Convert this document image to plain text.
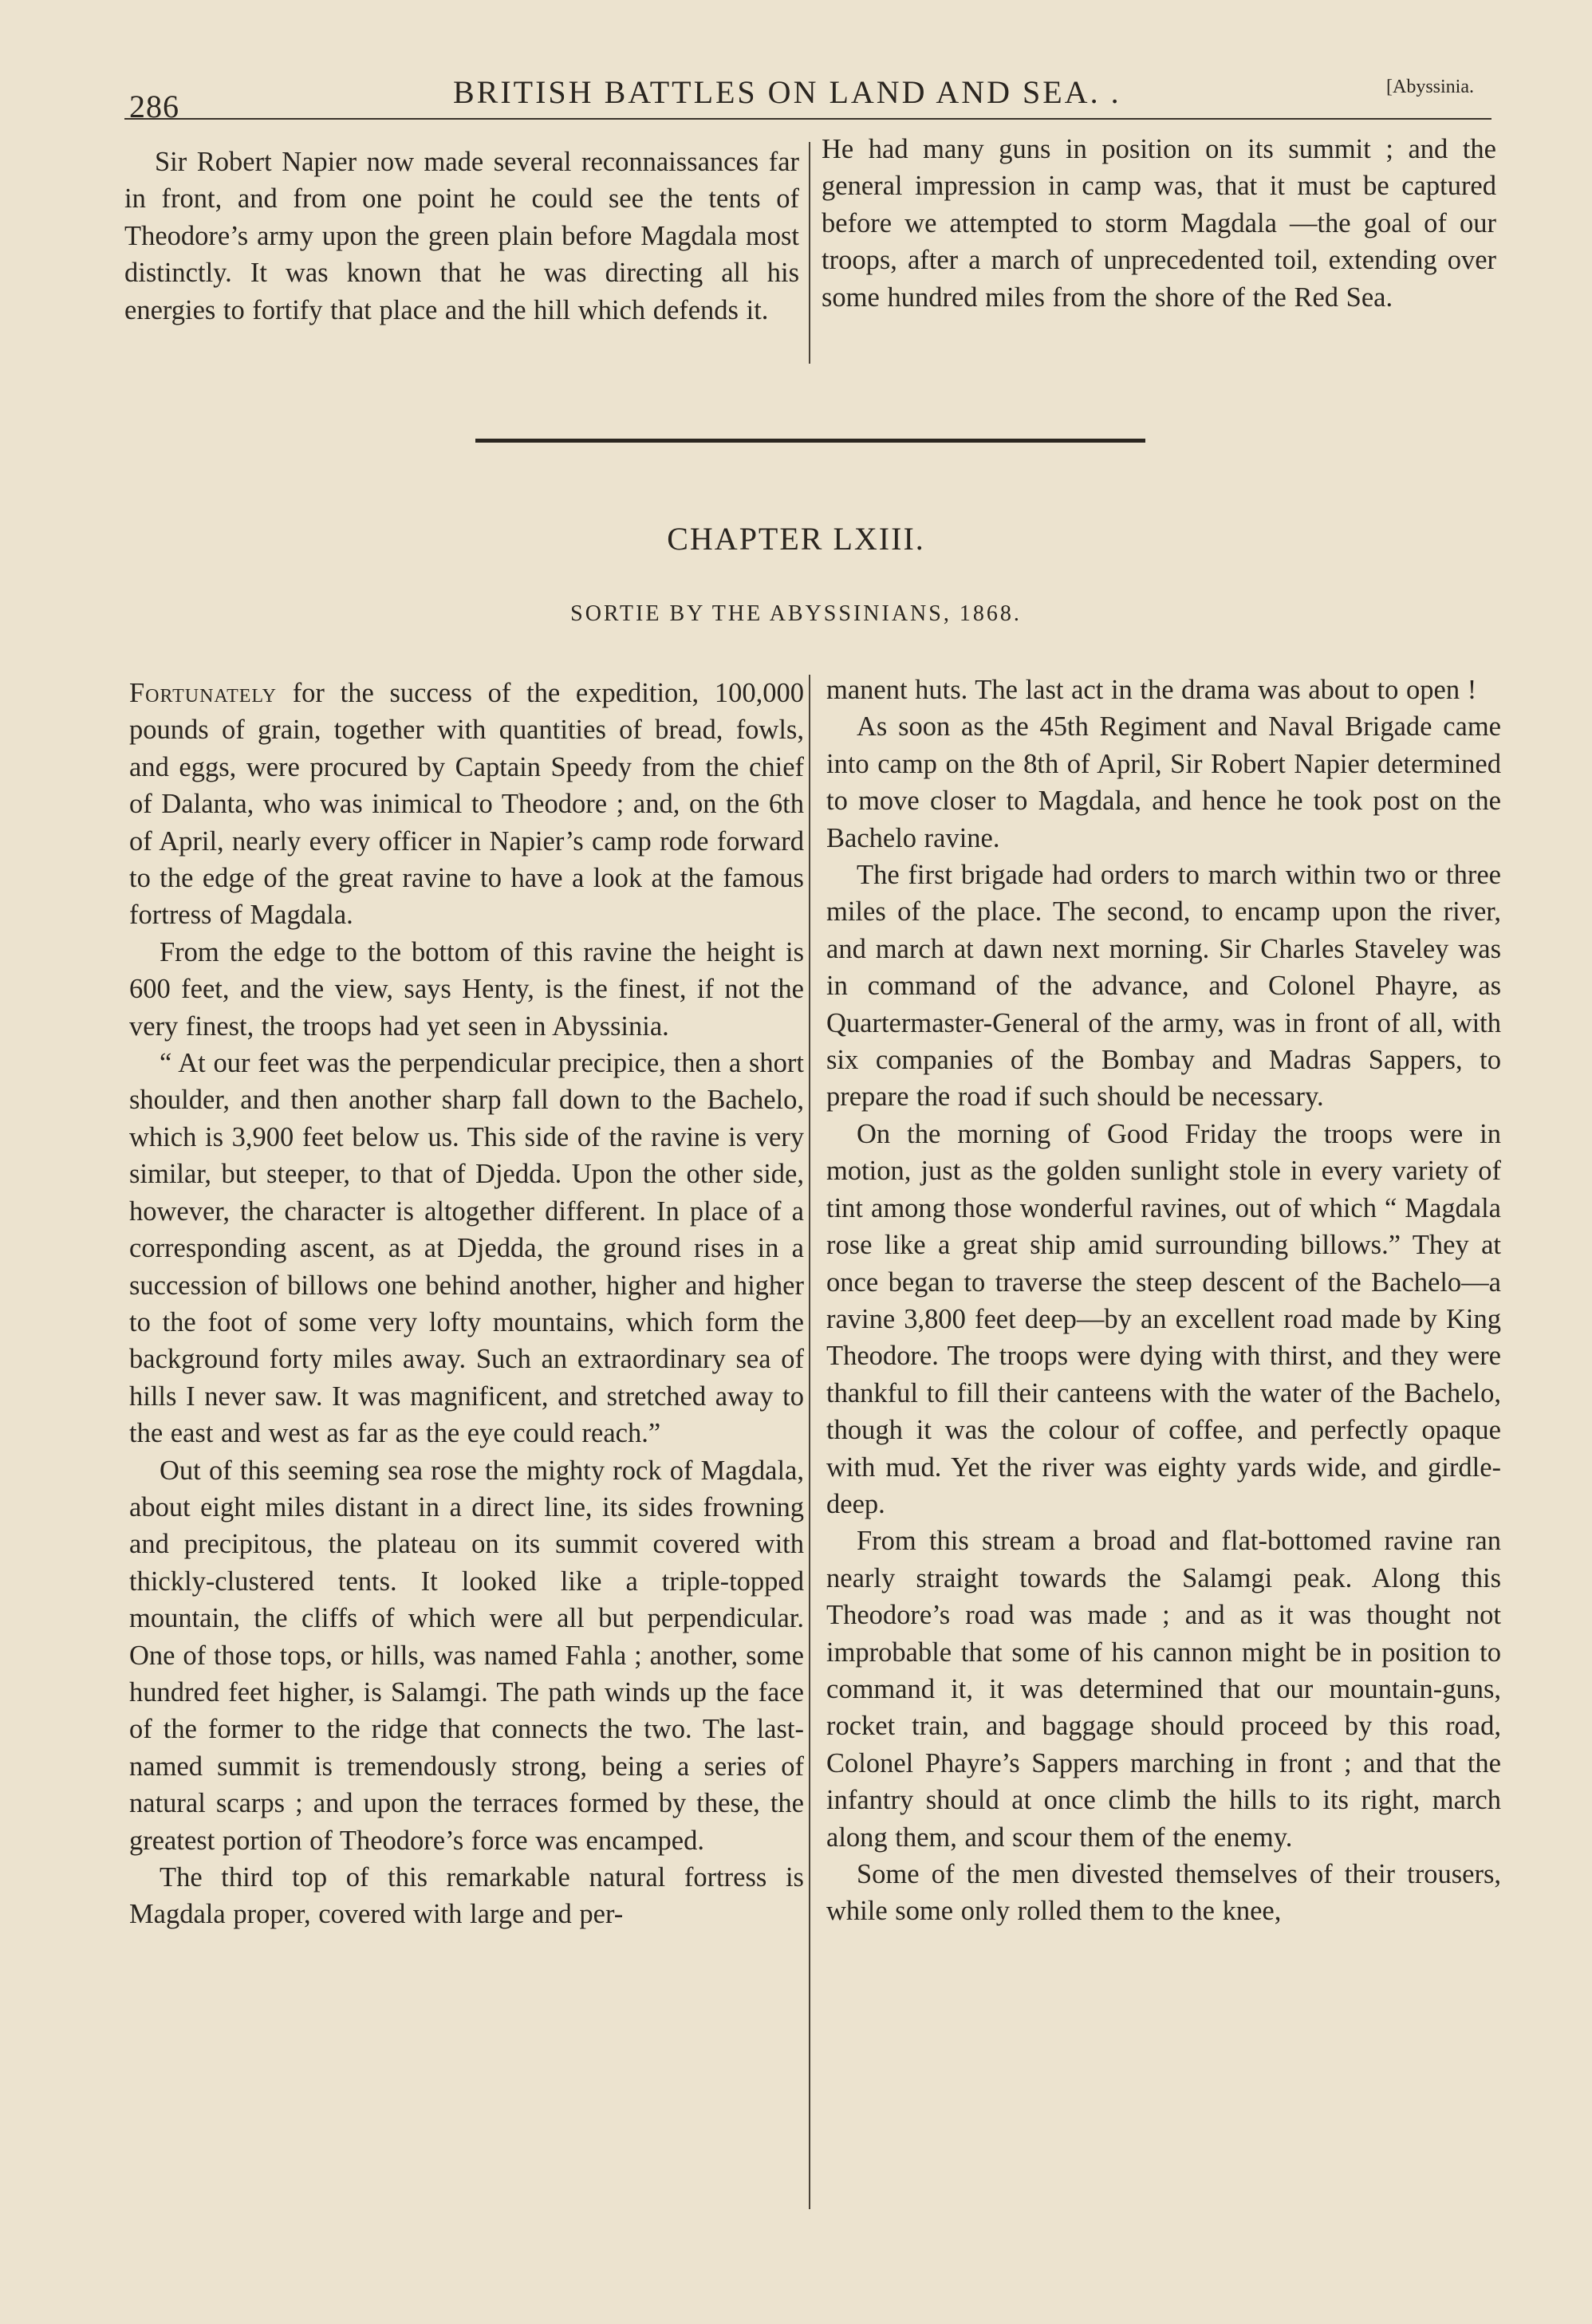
286	BRITISH BATTLES ON LAND AND SEA. .	[Abyssinia.

Sir Robert Napier now made several reconnaissances far in front, and from one point he could see the tents of Theodore’s army upon the green plain before Magdala most distinctly. It was known that he was directing all his energies to fortify that place and the hill which defends it.

He had many guns in position on its summit ; and the general impression in camp was, that it must be captured before we attempted to storm Magdala —the goal of our troops, after a march of unprecedented toil, extending over some hundred miles from the shore of the Red Sea.

CHAPTER LXIII.
SORTIE BY THE ABYSSINIANS, 1868.

Fortunately for the success of the expedition, 100,000 pounds of grain, together with quantities of bread, fowls, and eggs, were procured by Captain Speedy from the chief of Dalanta, who was inimical to Theodore ; and, on the 6th of April, nearly every officer in Napier’s camp rode forward to the edge of the great ravine to have a look at the famous fortress of Magdala.

From the edge to the bottom of this ravine the height is 600 feet, and the view, says Henty, is the finest, if not the very finest, the troops had yet seen in Abyssinia.

“ At our feet was the perpendicular precipice, then a short shoulder, and then another sharp fall down to the Bachelo, which is 3,900 feet below us. This side of the ravine is very similar, but steeper, to that of Djedda. Upon the other side, however, the character is altogether different. In place of a corresponding ascent, as at Djedda, the ground rises in a succession of billows one behind another, higher and higher to the foot of some very lofty mountains, which form the background forty miles away. Such an extraordinary sea of hills I never saw. It was magnificent, and stretched away to the east and west as far as the eye could reach.”

Out of this seeming sea rose the mighty rock of Magdala, about eight miles distant in a direct line, its sides frowning and precipitous, the plateau on its summit covered with thickly-clustered tents. It looked like a triple-topped mountain, the cliffs of which were all but perpendicular. One of those tops, or hills, was named Fahla ; another, some hundred feet higher, is Salamgi. The path winds up the face of the former to the ridge that connects the two. The last-named summit is tremendously strong, being a series of natural scarps ; and upon the terraces formed by these, the greatest portion of Theodore’s force was encamped.

The third top of this remarkable natural fortress is Magdala proper, covered with large and per-

manent huts. The last act in the drama was about to open !

As soon as the 45th Regiment and Naval Brigade came into camp on the 8th of April, Sir Robert Napier determined to move closer to Magdala, and hence he took post on the Bachelo ravine.

The first brigade had orders to march within two or three miles of the place. The second, to encamp upon the river, and march at dawn next morning. Sir Charles Staveley was in command of the advance, and Colonel Phayre, as Quartermaster-General of the army, was in front of all, with six companies of the Bombay and Madras Sappers, to prepare the road if such should be necessary.

On the morning of Good Friday the troops were in motion, just as the golden sunlight stole in every variety of tint among those wonderful ravines, out of which “ Magdala rose like a great ship amid surrounding billows.” They at once began to traverse the steep descent of the Bachelo—a ravine 3,800 feet deep—by an excellent road made by King Theodore. The troops were dying with thirst, and they were thankful to fill their canteens with the water of the Bachelo, though it was the colour of coffee, and perfectly opaque with mud. Yet the river was eighty yards wide, and girdle-deep.

From this stream a broad and flat-bottomed ravine ran nearly straight towards the Salamgi peak. Along this Theodore’s road was made ; and as it was thought not improbable that some of his cannon might be in position to command it, it was determined that our mountain-guns, rocket train, and baggage should proceed by this road, Colonel Phayre’s Sappers marching in front ; and that the infantry should at once climb the hills to its right, march along them, and scour them of the enemy.

Some of the men divested themselves of their trousers, while some only rolled them to the knee,
